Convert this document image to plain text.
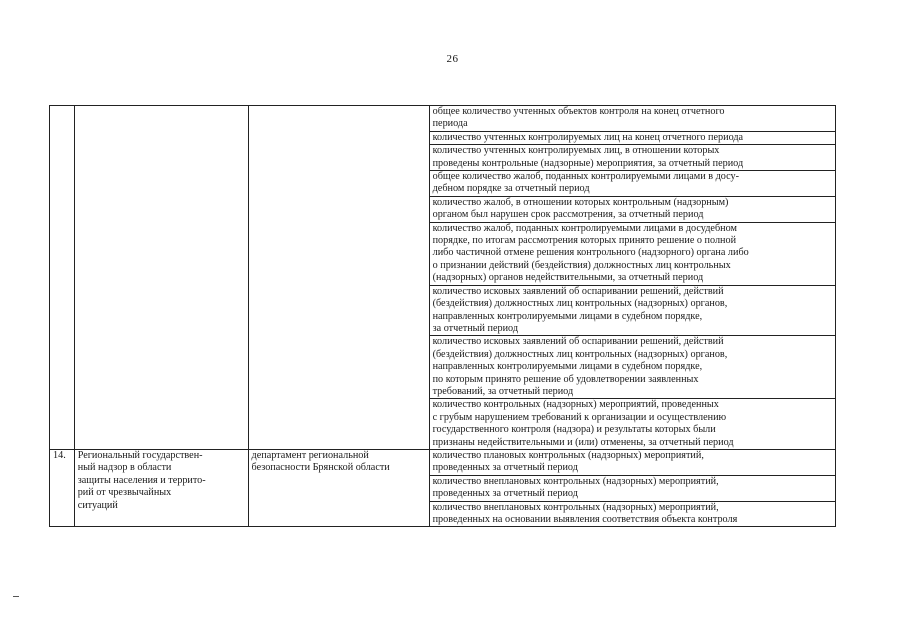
26

			общее количество учтенных объектов контроля на конец отчетного
периода

			количество учтенных контролируемых лиц на конец отчетного периода

			количество учтенных контролируемых лиц, в отношении которых
проведены контрольные (надзорные) мероприятия, за отчетный период

			общее количество жалоб, поданных контролируемыми лицами в досу-
дебном порядке за отчетный период

			количество жалоб, в отношении которых контрольным (надзорным)
органом был нарушен срок рассмотрения, за отчетный период

			количество жалоб, поданных контролируемыми лицами в досудебном
порядке, по итогам рассмотрения которых принято решение о полной
либо частичной отмене решения контрольного (надзорного) органа либо
о признании действий (бездействия) должностных лиц контрольных
(надзорных) органов недействительными, за отчетный период

			количество исковых заявлений об оспаривании решений, действий
(бездействия) должностных лиц контрольных (надзорных) органов,
направленных контролируемыми лицами в судебном порядке,
за отчетный период

			количество исковых заявлений об оспаривании решений, действий
(бездействия) должностных лиц контрольных (надзорных) органов,
направленных контролируемыми лицами в судебном порядке,
по которым принято решение об удовлетворении заявленных
требований, за отчетный период

			количество контрольных (надзорных) мероприятий, проведенных
с грубым нарушением требований к организации и осуществлению
государственного контроля (надзора) и результаты которых были
признаны недействительными и (или) отменены, за отчетный период

14.	Региональный государствен-
ный надзор в области
защиты населения и террито-
рий от чрезвычайных
ситуаций	департамент региональной
безопасности Брянской области	количество плановых контрольных (надзорных) мероприятий,
проведенных за отчетный период

			количество внеплановых контрольных (надзорных) мероприятий,
проведенных за отчетный период

			количество внеплановых контрольных (надзорных) мероприятий,
проведенных на основании выявления соответствия объекта контроля
